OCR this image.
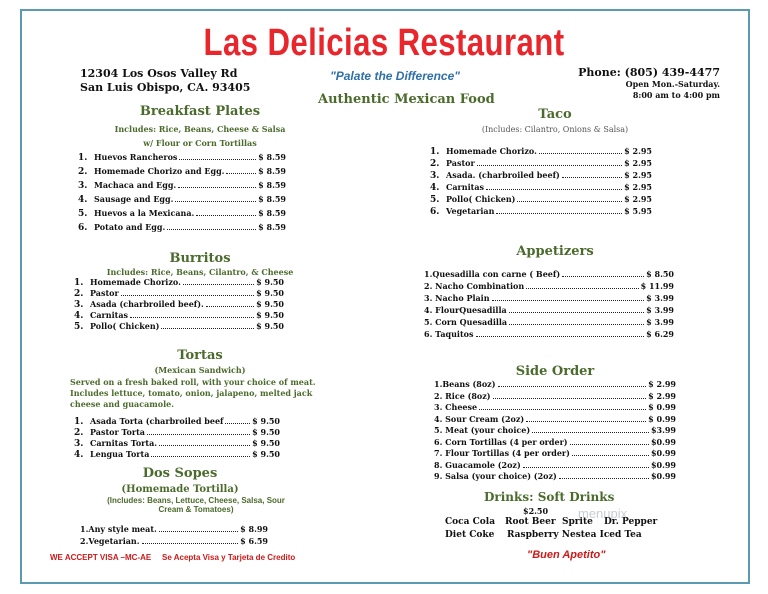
Las Delicias Restaurant
12304 Los Osos Valley Rd
San Luis Obispo, CA. 93405
"Palate the Difference"
Authentic Mexican Food
Phone: (805) 439-4477
Open Mon.-Saturday.
8:00 am to 4:00 pm
Breakfast Plates
Includes: Rice, Beans, Cheese & Salsa
w/ Flour or Corn Tortillas
1. Huevos Rancheros	$ 8.59
2. Homemade Chorizo and Egg.	$ 8.59
3. Machaca and Egg.	$ 8.59
4. Sausage and Egg.	$ 8.59
5. Huevos a la Mexicana.	$ 8.59
6. Potato and Egg.	$ 8.59
Burritos
Includes: Rice, Beans, Cilantro, & Cheese
1. Homemade Chorizo.	$ 9.50
2. Pastor	$ 9.50
3. Asada (charbroiled beef).	$ 9.50
4. Carnitas	$ 9.50
5. Pollo( Chicken)	$ 9.50
Tortas
(Mexican Sandwich)
Served on a fresh baked roll, with your choice of meat.
Includes lettuce, tomato, onion, jalapeno, melted jack
cheese and guacamole.
1. Asada Torta (charbroiled beef	$ 9.50
2. Pastor Torta	$ 9.50
3. Carnitas Torta.	$ 9.50
4. Lengua Torta	$ 9.50
Dos Sopes
(Homemade Tortilla)
(Includes: Beans, Lettuce, Cheese, Salsa, Sour
Cream & Tomatoes)
1. Any style meat.	$ 8.99
2. Vegetarian.	$ 6.59
WE ACCEPT VISA –MC-AE Se Acepta Visa y Tarjeta de Credito
Taco
(Includes: Cilantro, Onions & Salsa)
1. Homemade Chorizo.	$ 2.95
2. Pastor	$ 2.95
3. Asada. (charbroiled beef)	$ 2.95
4. Carnitas	$ 2.95
5. Pollo( Chicken)	$ 2.95
6. Vegetarian	$ 5.95
Appetizers
1.Quesadilla con carne ( Beef)	$ 8.50
2. Nacho Combination	$ 11.99
3. Nacho Plain	$ 3.99
4. FlourQuesadilla	$ 3.99
5. Corn Quesadilla	$ 3.99
6. Taquitos	$ 6.29
Side Order
1.Beans (8oz)	$ 2.99
2. Rice (8oz)	$ 2.99
3. Cheese	$ 0.99
4. Sour Cream (2oz)	$ 0.99
5. Meat (your choice)	$3.99
6. Corn Tortillas (4 per order)	$0.99
7. Flour Tortillas (4 per order)	$0.99
8. Guacamole (2oz)	$0.99
9. Salsa (your choice) (2oz)	$0.99
Drinks: Soft Drinks
$2.50 menupix
Coca Cola Root Beer Sprite Dr. Pepper
Diet Coke Raspberry Nestea Iced Tea
"Buen Apetito"
